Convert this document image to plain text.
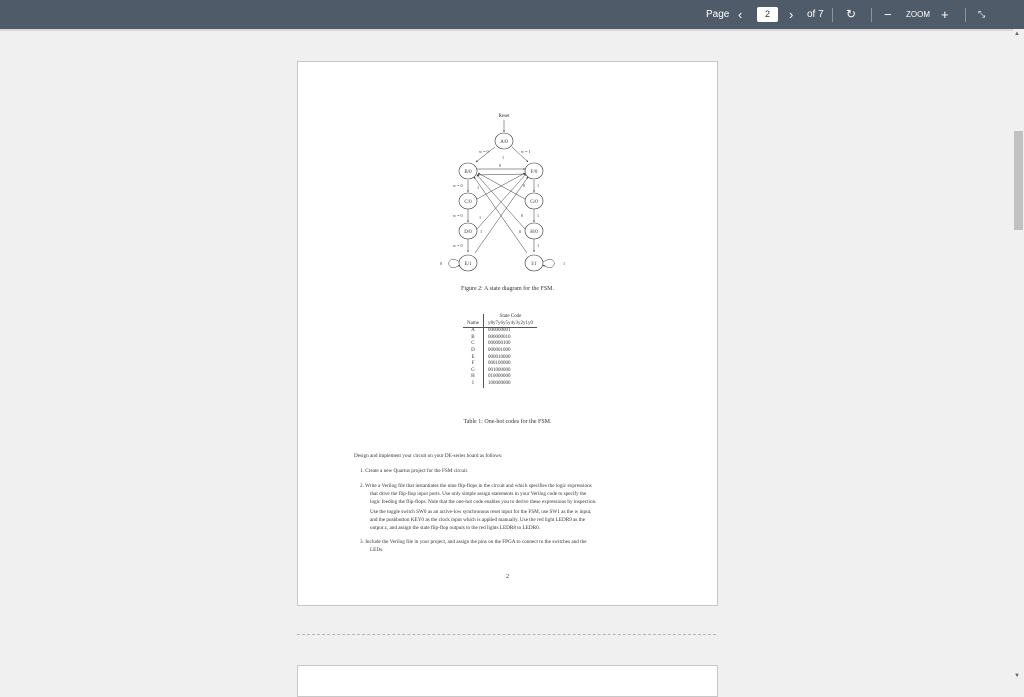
Page ‹	2	› of 7 ↻ − ZOOM +	⤡
Reset
A/0
B/0
C/0
D/0
E/1
F/0
G/0
H/0
I/1
w = 0	w = 1
1
0
w = 0
w = 0
w = 0
1
1
1
0	1
0	1
0
1
0	1
Figure 2: A state diagram for the FSM.
	State Code
Name	y8y7y6y5y4y3y2y1y0
A	000000001
B	000000010
C	000000100
D	000001000
E	000010000
F	000100000
G	001000000
H	010000000
I	100000000
Table 1: One-hot codes for the FSM.
Design and implement your circuit on your DE-series board as follows:
1. Create a new Quartus project for the FSM circuit.
2. Write a Verilog file that instantiates the nine flip-flops in the circuit and which specifies the logic expressions
that drive the flip-flop input ports. Use only simple assign statements in your Verilog code to specify the
logic feeding the flip-flops. Note that the one-hot code enables you to derive these expressions by inspection.
Use the toggle switch SW0 as an active-low synchronous reset input for the FSM, use SW1 as the w input,
and the pushbutton KEY0 as the clock input which is applied manually. Use the red light LEDR9 as the
output z, and assign the state flip-flop outputs to the red lights LEDR8 to LEDR0.
3. Include the Verilog file in your project, and assign the pins on the FPGA to connect to the switches and the
LEDs.
2
▲
▼
